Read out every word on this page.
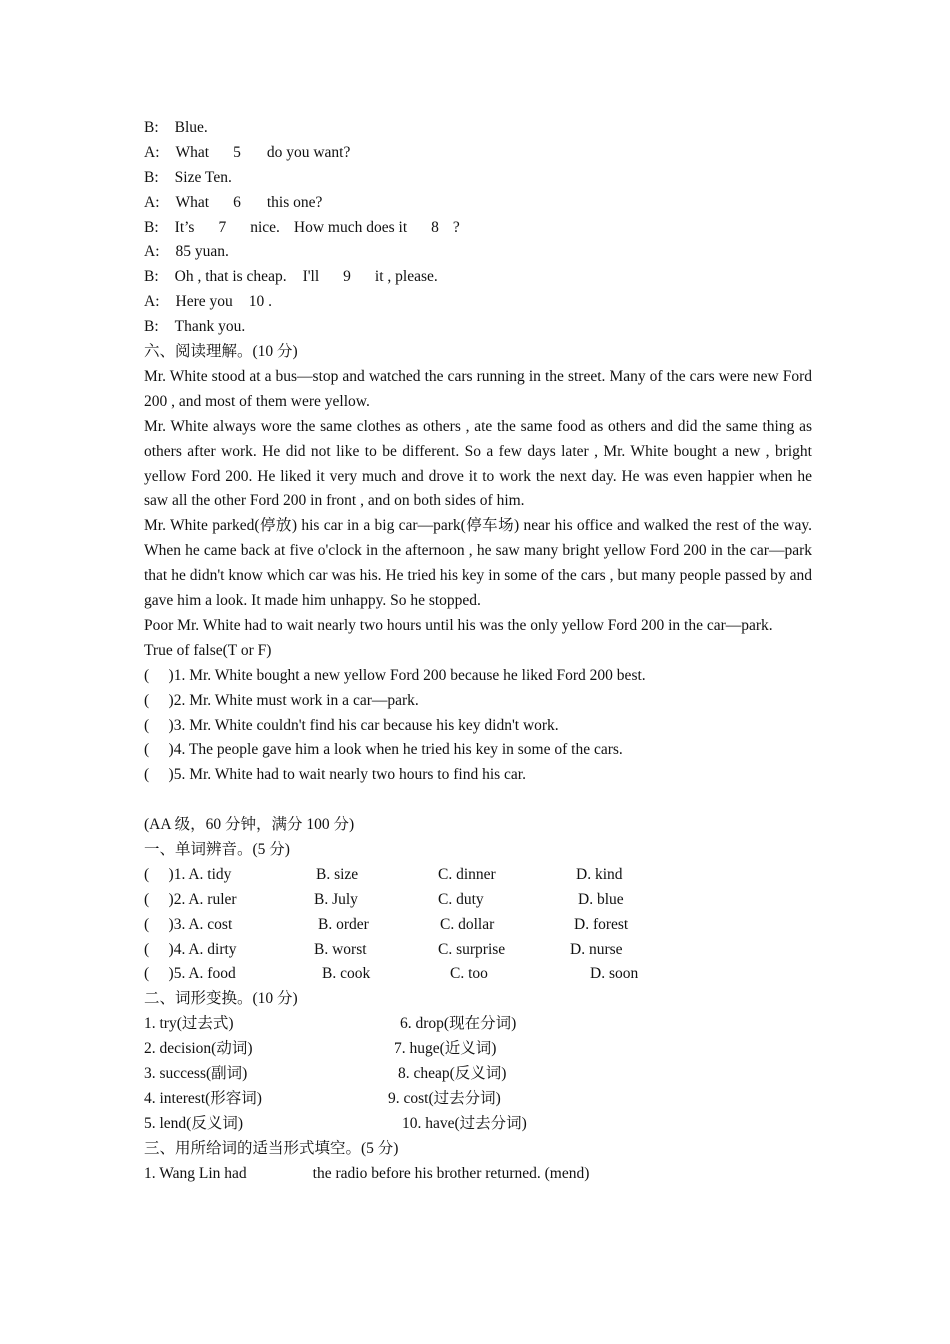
B: Blue.
A: What 5 do you want?
B: Size Ten.
A: What 6 this one?
B: It’s 7 nice. How much does it 8 ?
A: 85 yuan.
B: Oh , that is cheap. I'll 9 it , please.
A: Here you 10 .
B: Thank you.
六、阅读理解。(10 分)
Mr. White stood at a bus—stop and watched the cars running in the street. Many of the cars were new Ford 200 , and most of them were yellow.
Mr. White always wore the same clothes as others , ate the same food as others and did the same thing as others after work. He did not like to be different. So a few days later , Mr. White bought a new , bright yellow Ford 200. He liked it very much and drove it to work the next day. He was even happier when he saw all the other Ford 200 in front , and on both sides of him.
Mr. White parked(停放) his car in a big car—park(停车场) near his office and walked the rest of the way. When he came back at five o'clock in the afternoon , he saw many bright yellow Ford 200 in the car—park that he didn't know which car was his. He tried his key in some of the cars , but many people passed by and gave him a look. It made him unhappy. So he stopped.
Poor Mr. White had to wait nearly two hours until his was the only yellow Ford 200 in the car—park.
True of false(T or F)
(     )1. Mr. White bought a new yellow Ford 200 because he liked Ford 200 best.
(     )2. Mr. White must work in a car—park.
(     )3. Mr. White couldn't find his car because his key didn't work.
(     )4. The people gave him a look when he tried his key in some of the cars.
(     )5. Mr. White had to wait nearly two hours to find his car.
(AA 级，60 分钟，满分 100 分)
一、单词辨音。(5 分)
(     )1. A. tidy	B. size	C. dinner	D. kind
(     )2. A. ruler	B. July	C. duty	D. blue
(     )3. A. cost	B. order	C. dollar	D. forest
(     )4. A. dirty	B. worst	C. surprise	D. nurse
(     )5. A. food	B. cook	C. too	D. soon
二、词形变换。(10 分)
1. try(过去式)	6. drop(现在分词)
2. decision(动词)	7. huge(近义词)
3. success(副词)	8. cheap(反义词)
4. interest(形容词)	9. cost(过去分词)
5. lend(反义词)	10. have(过去分词)
三、用所给词的适当形式填空。(5 分)
1. Wang Lin had	the radio before his brother returned. (mend)
